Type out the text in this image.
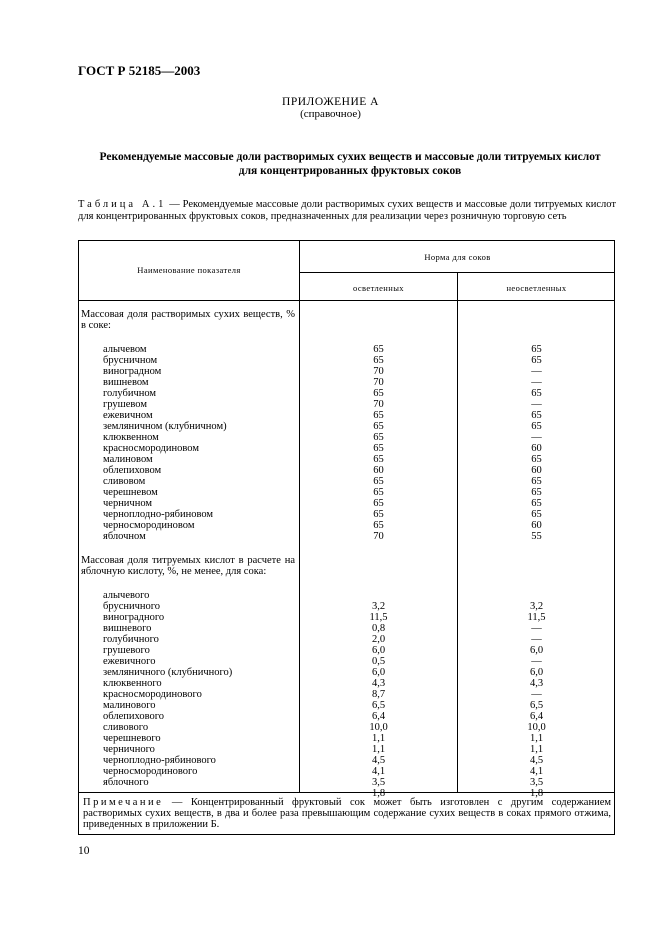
ГОСТ Р 52185—2003
ПРИЛОЖЕНИЕ А
(справочное)
Рекомендуемые массовые доли растворимых сухих веществ и массовые доли титруемых кислот
для концентрированных фруктовых соков
Таблица А.1 — Рекомендуемые массовые доли растворимых сухих веществ и массовые доли титруемых кислот для концентрированных фруктовых соков, предназначенных для реализации через розничную торговую сеть
Наименование показателя
Норма для соков
осветленных	неосветленных
Массовая доля растворимых сухих веществ, % в соке:
алычевом
брусничном
виноградном
вишневом
голубичном
грушевом
ежевичном
земляничном (клубничном)
клюквенном
красносмородиновом
малиновом
облепиховом
сливовом
черешневом
черничном
черноплодно-рябиновом
черносмородиновом
яблочном
Массовая доля титруемых кислот в расчете на яблочную кислоту, %, не менее, для сока:
алычевого
брусничного
виноградного
вишневого
голубичного
грушевого
ежевичного
земляничного (клубничного)
клюквенного
красносмородинового
малинового
облепихового
сливового
черешневого
черничного
черноплодно-рябинового
черносмородинового
яблочного
65
65
70
70
65
70
65
65
65
65
65
60
65
65
65
65
65
70
3,2
11,5
0,8
2,0
6,0
0,5
6,0
4,3
8,7
6,5
6,4
10,0
1,1
1,1
4,5
4,1
3,5
1,8
65
65
—
—
65
—
65
65
—
60
65
60
65
65
65
65
60
55
3,2
11,5
—
—
6,0
—
6,0
4,3
—
6,5
6,4
10,0
1,1
1,1
4,5
4,1
3,5
1,8
Примечание — Концентрированный фруктовый сок может быть изготовлен с другим содержанием растворимых сухих веществ, в два и более раза превышающим содержание сухих веществ в соках прямого отжима, приведенных в приложении Б.
10
